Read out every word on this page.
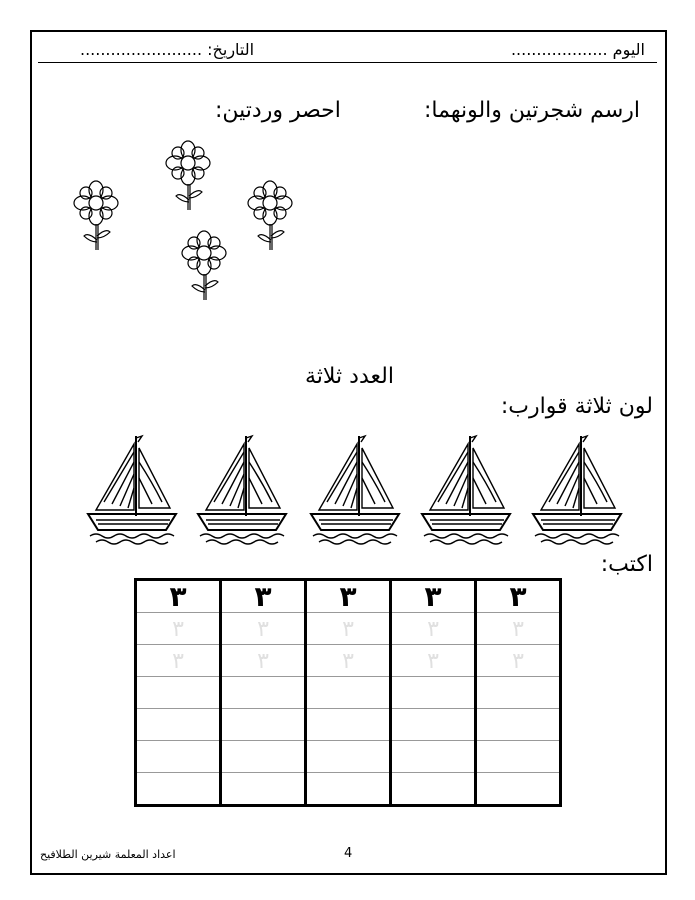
اليوم ...................
التاريخ: ........................
ارسم شجرتين والونهما:
احصر وردتين:
العدد ثلاثة
لون ثلاثة قوارب:
اكتب:
٣	٣	٣	٣	٣
٣	٣	٣	٣	٣
٣	٣	٣	٣	٣

اعداد المعلمة شيرين الطلافيح	4
